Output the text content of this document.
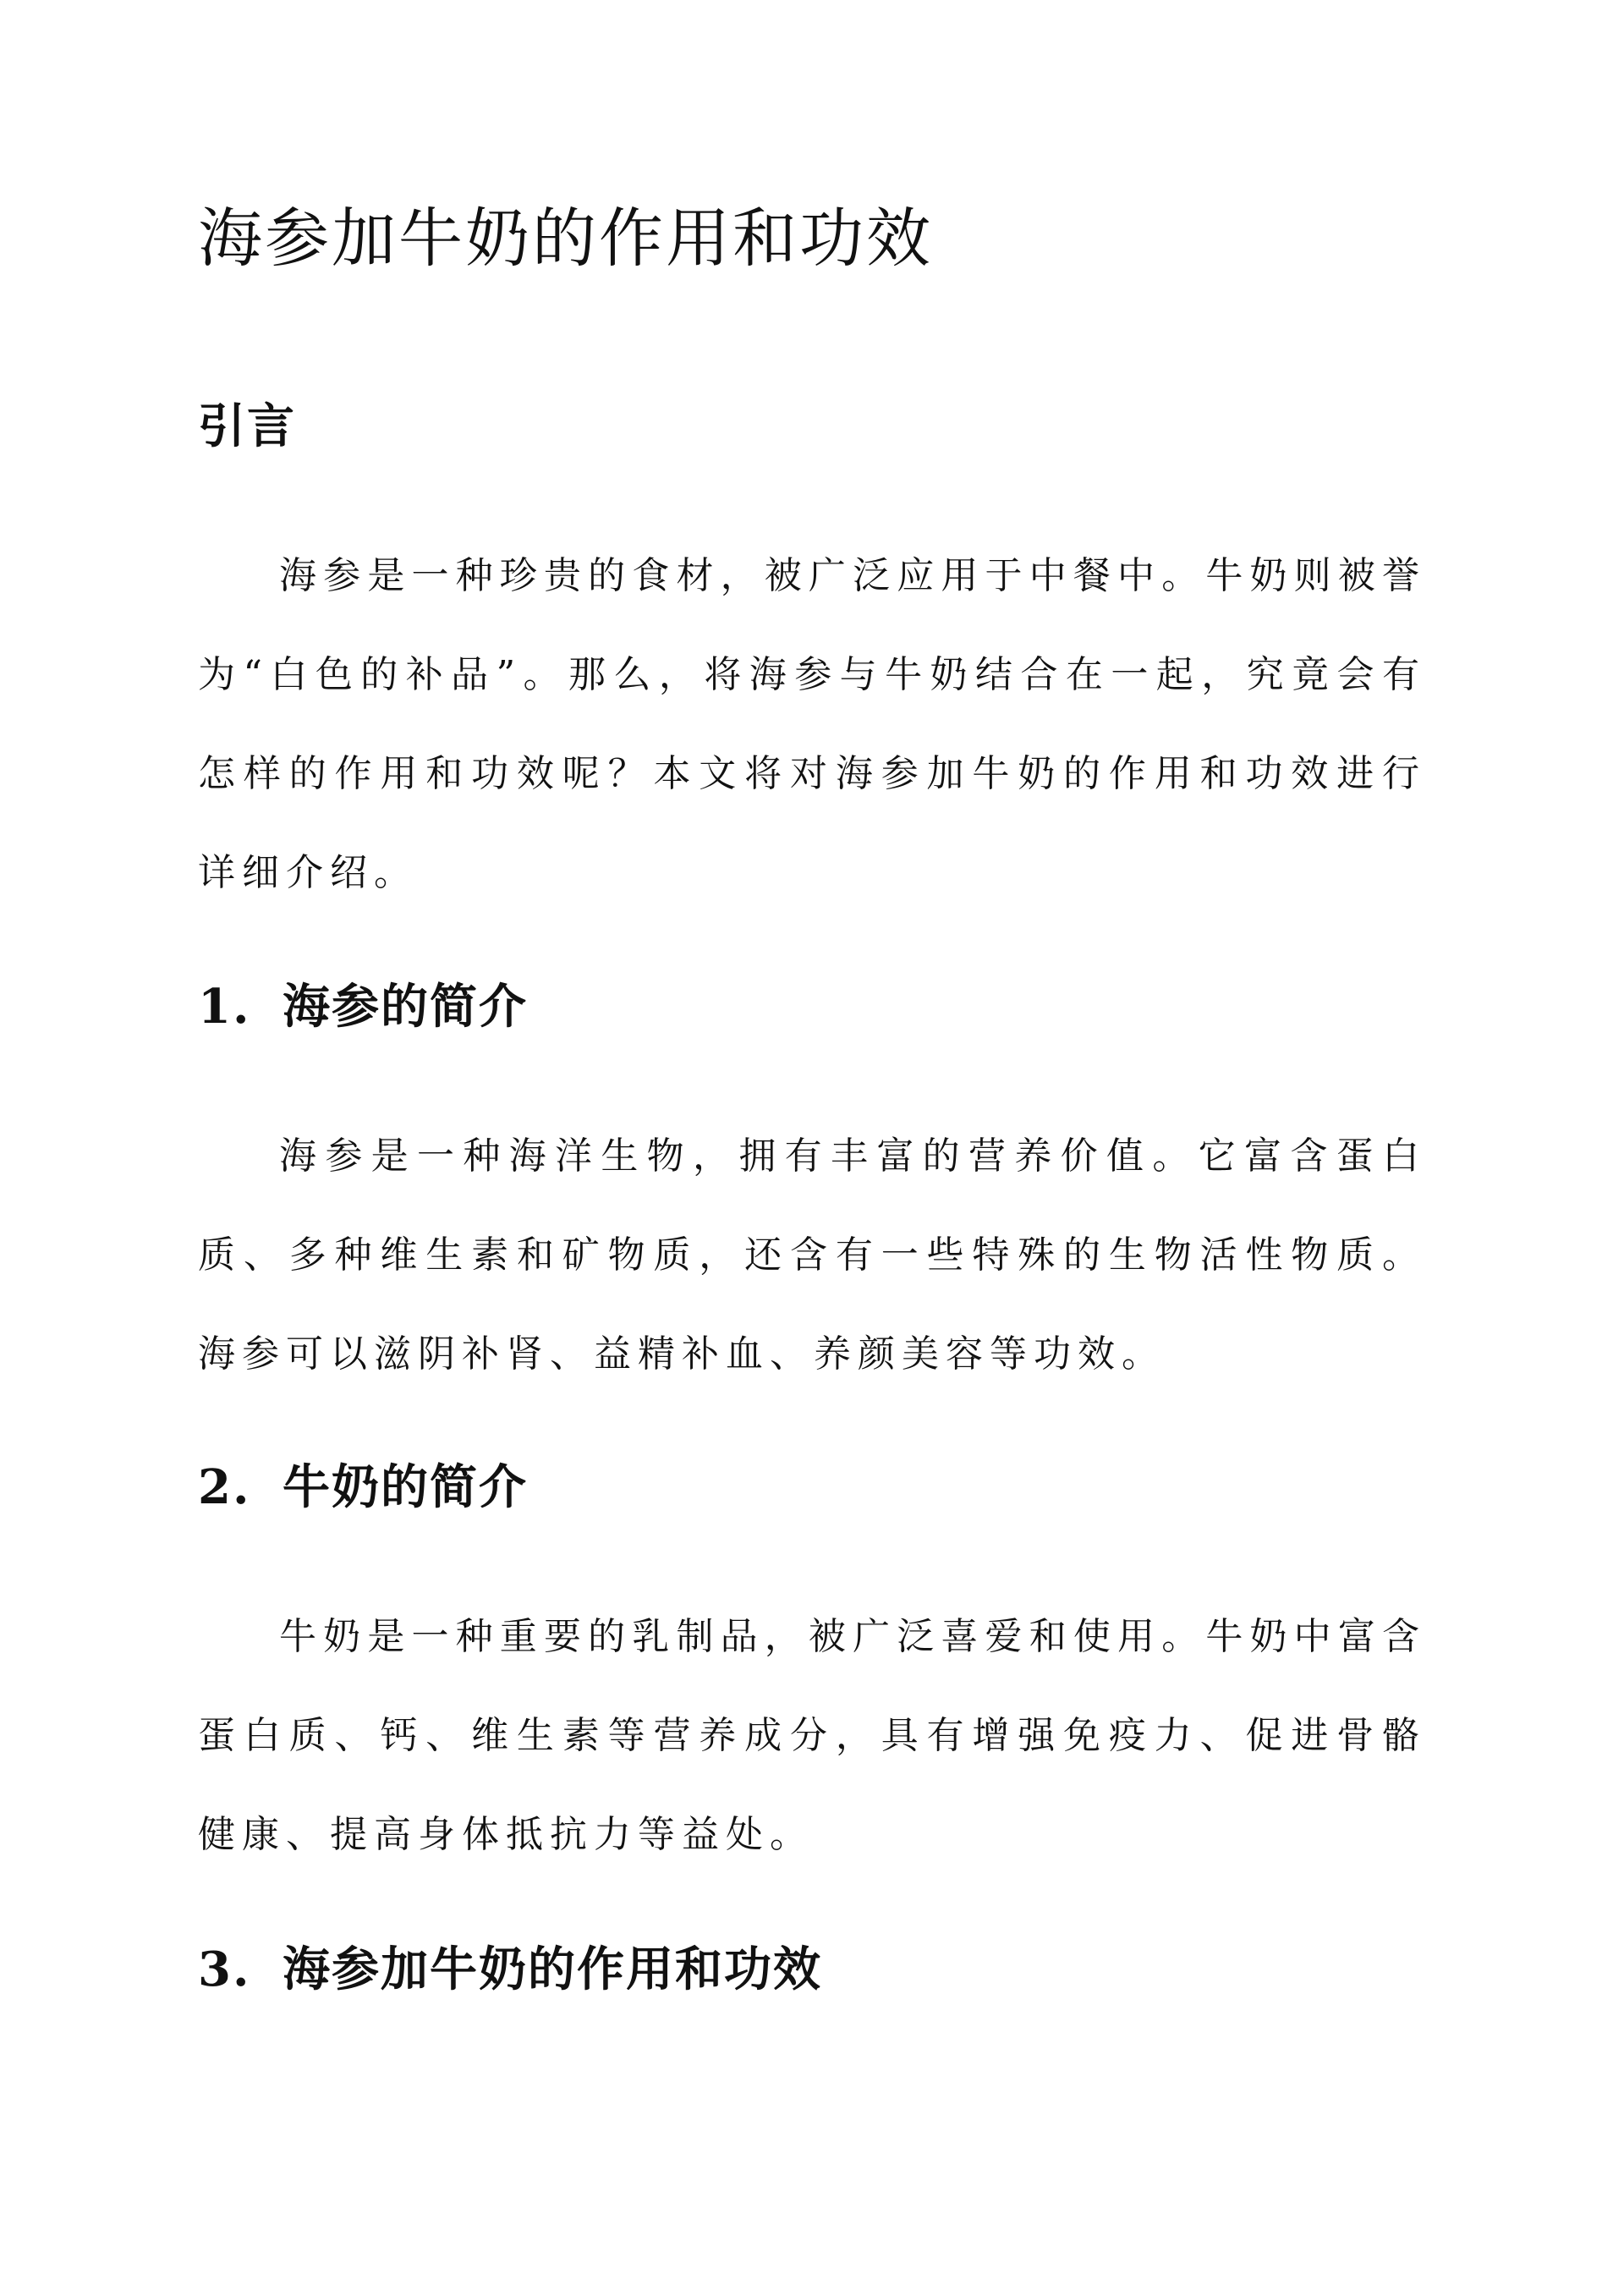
海参加牛奶的作用和功效
引言

海参是一种珍贵的食材，被广泛应用于中餐中。牛奶则被誉为“白色的补品”。那么，将海参与牛奶结合在一起，究竟会有怎样的作用和功效呢？本文将对海参加牛奶的作用和功效进行详细介绍。

1. 海参的简介

海参是一种海洋生物，拥有丰富的营养价值。它富含蛋白质、多种维生素和矿物质，还含有一些特殊的生物活性物质。海参可以滋阴补肾、益精补血、养颜美容等功效。

2. 牛奶的简介

牛奶是一种重要的乳制品，被广泛喜爱和使用。牛奶中富含蛋白质、钙、维生素等营养成分，具有增强免疫力、促进骨骼健康、提高身体抵抗力等益处。

3. 海参加牛奶的作用和功效
